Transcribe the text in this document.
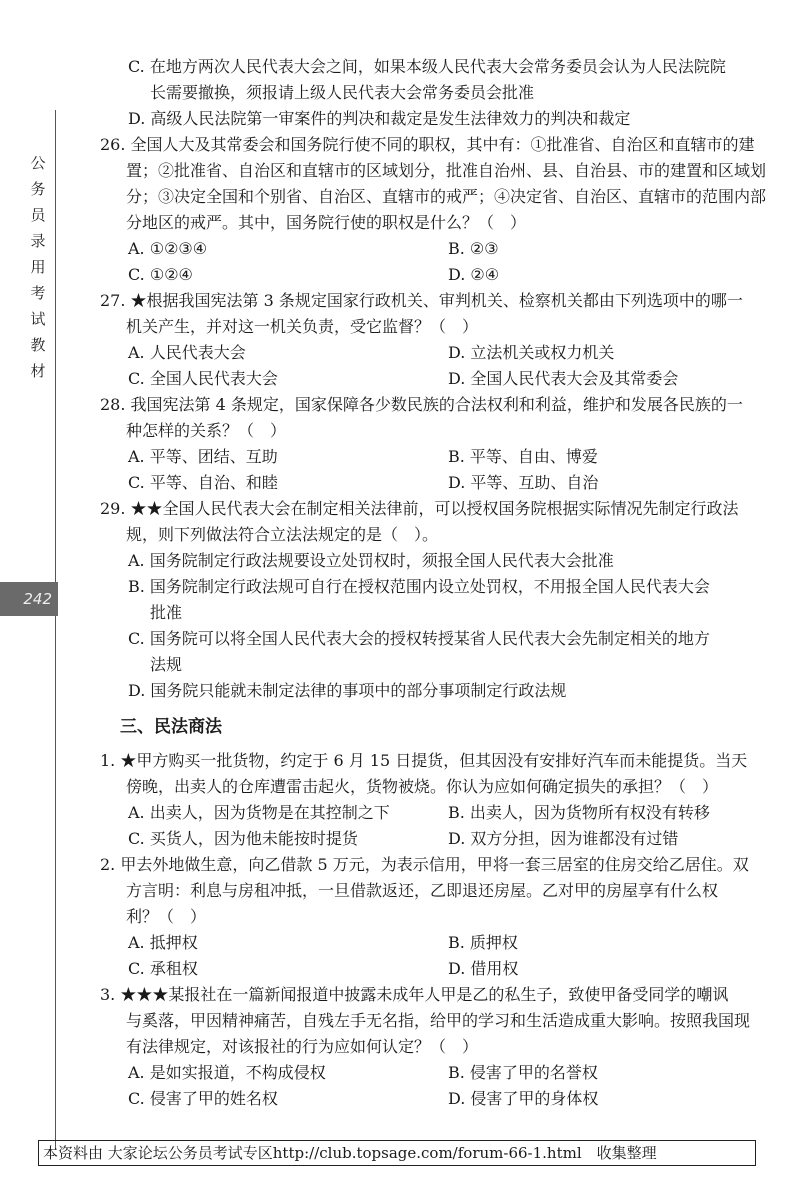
公务员录用考试教材
242
C. 在地方两次人民代表大会之间，如果本级人民代表大会常务委员会认为人民法院院
长需要撤换，须报请上级人民代表大会常务委员会批准
D. 高级人民法院第一审案件的判决和裁定是发生法律效力的判决和裁定
26. 全国人大及其常委会和国务院行使不同的职权，其中有：①批准省、自治区和直辖市的建
置；②批准省、自治区和直辖市的区域划分，批准自治州、县、自治县、市的建置和区域划
分；③决定全国和个别省、自治区、直辖市的戒严；④决定省、自治区、直辖市的范围内部
分地区的戒严。其中，国务院行使的职权是什么？（　）
A. ①②③④	B. ②③
C. ①②④	D. ②④
27. ★根据我国宪法第 3 条规定国家行政机关、审判机关、检察机关都由下列选项中的哪一
机关产生，并对这一机关负责，受它监督？（　）
A. 人民代表大会	D. 立法机关或权力机关
C. 全国人民代表大会	D. 全国人民代表大会及其常委会
28. 我国宪法第 4 条规定，国家保障各少数民族的合法权利和利益，维护和发展各民族的一
种怎样的关系？（　）
A. 平等、团结、互助	B. 平等、自由、博爱
C. 平等、自治、和睦	D. 平等、互助、自治
29. ★★全国人民代表大会在制定相关法律前，可以授权国务院根据实际情况先制定行政法
规，则下列做法符合立法法规定的是（　）。
A. 国务院制定行政法规要设立处罚权时，须报全国人民代表大会批准
B. 国务院制定行政法规可自行在授权范围内设立处罚权，不用报全国人民代表大会
批准
C. 国务院可以将全国人民代表大会的授权转授某省人民代表大会先制定相关的地方
法规
D. 国务院只能就未制定法律的事项中的部分事项制定行政法规
三、民法商法
1. ★甲方购买一批货物，约定于 6 月 15 日提货，但其因没有安排好汽车而未能提货。当天
傍晚，出卖人的仓库遭雷击起火，货物被烧。你认为应如何确定损失的承担？（　）
A. 出卖人，因为货物是在其控制之下	B. 出卖人，因为货物所有权没有转移
C. 买货人，因为他未能按时提货	D. 双方分担，因为谁都没有过错
2. 甲去外地做生意，向乙借款 5 万元，为表示信用，甲将一套三居室的住房交给乙居住。双
方言明：利息与房租冲抵，一旦借款返还，乙即退还房屋。乙对甲的房屋享有什么权
利？（　）
A. 抵押权	B. 质押权
C. 承租权	D. 借用权
3. ★★★某报社在一篇新闻报道中披露未成年人甲是乙的私生子，致使甲备受同学的嘲讽
与奚落，甲因精神痛苦，自残左手无名指，给甲的学习和生活造成重大影响。按照我国现
有法律规定，对该报社的行为应如何认定？（　）
A. 是如实报道，不构成侵权	B. 侵害了甲的名誉权
C. 侵害了甲的姓名权	D. 侵害了甲的身体权
本资料由 大家论坛公务员考试专区http://club.topsage.com/forum-66-1.html　收集整理
